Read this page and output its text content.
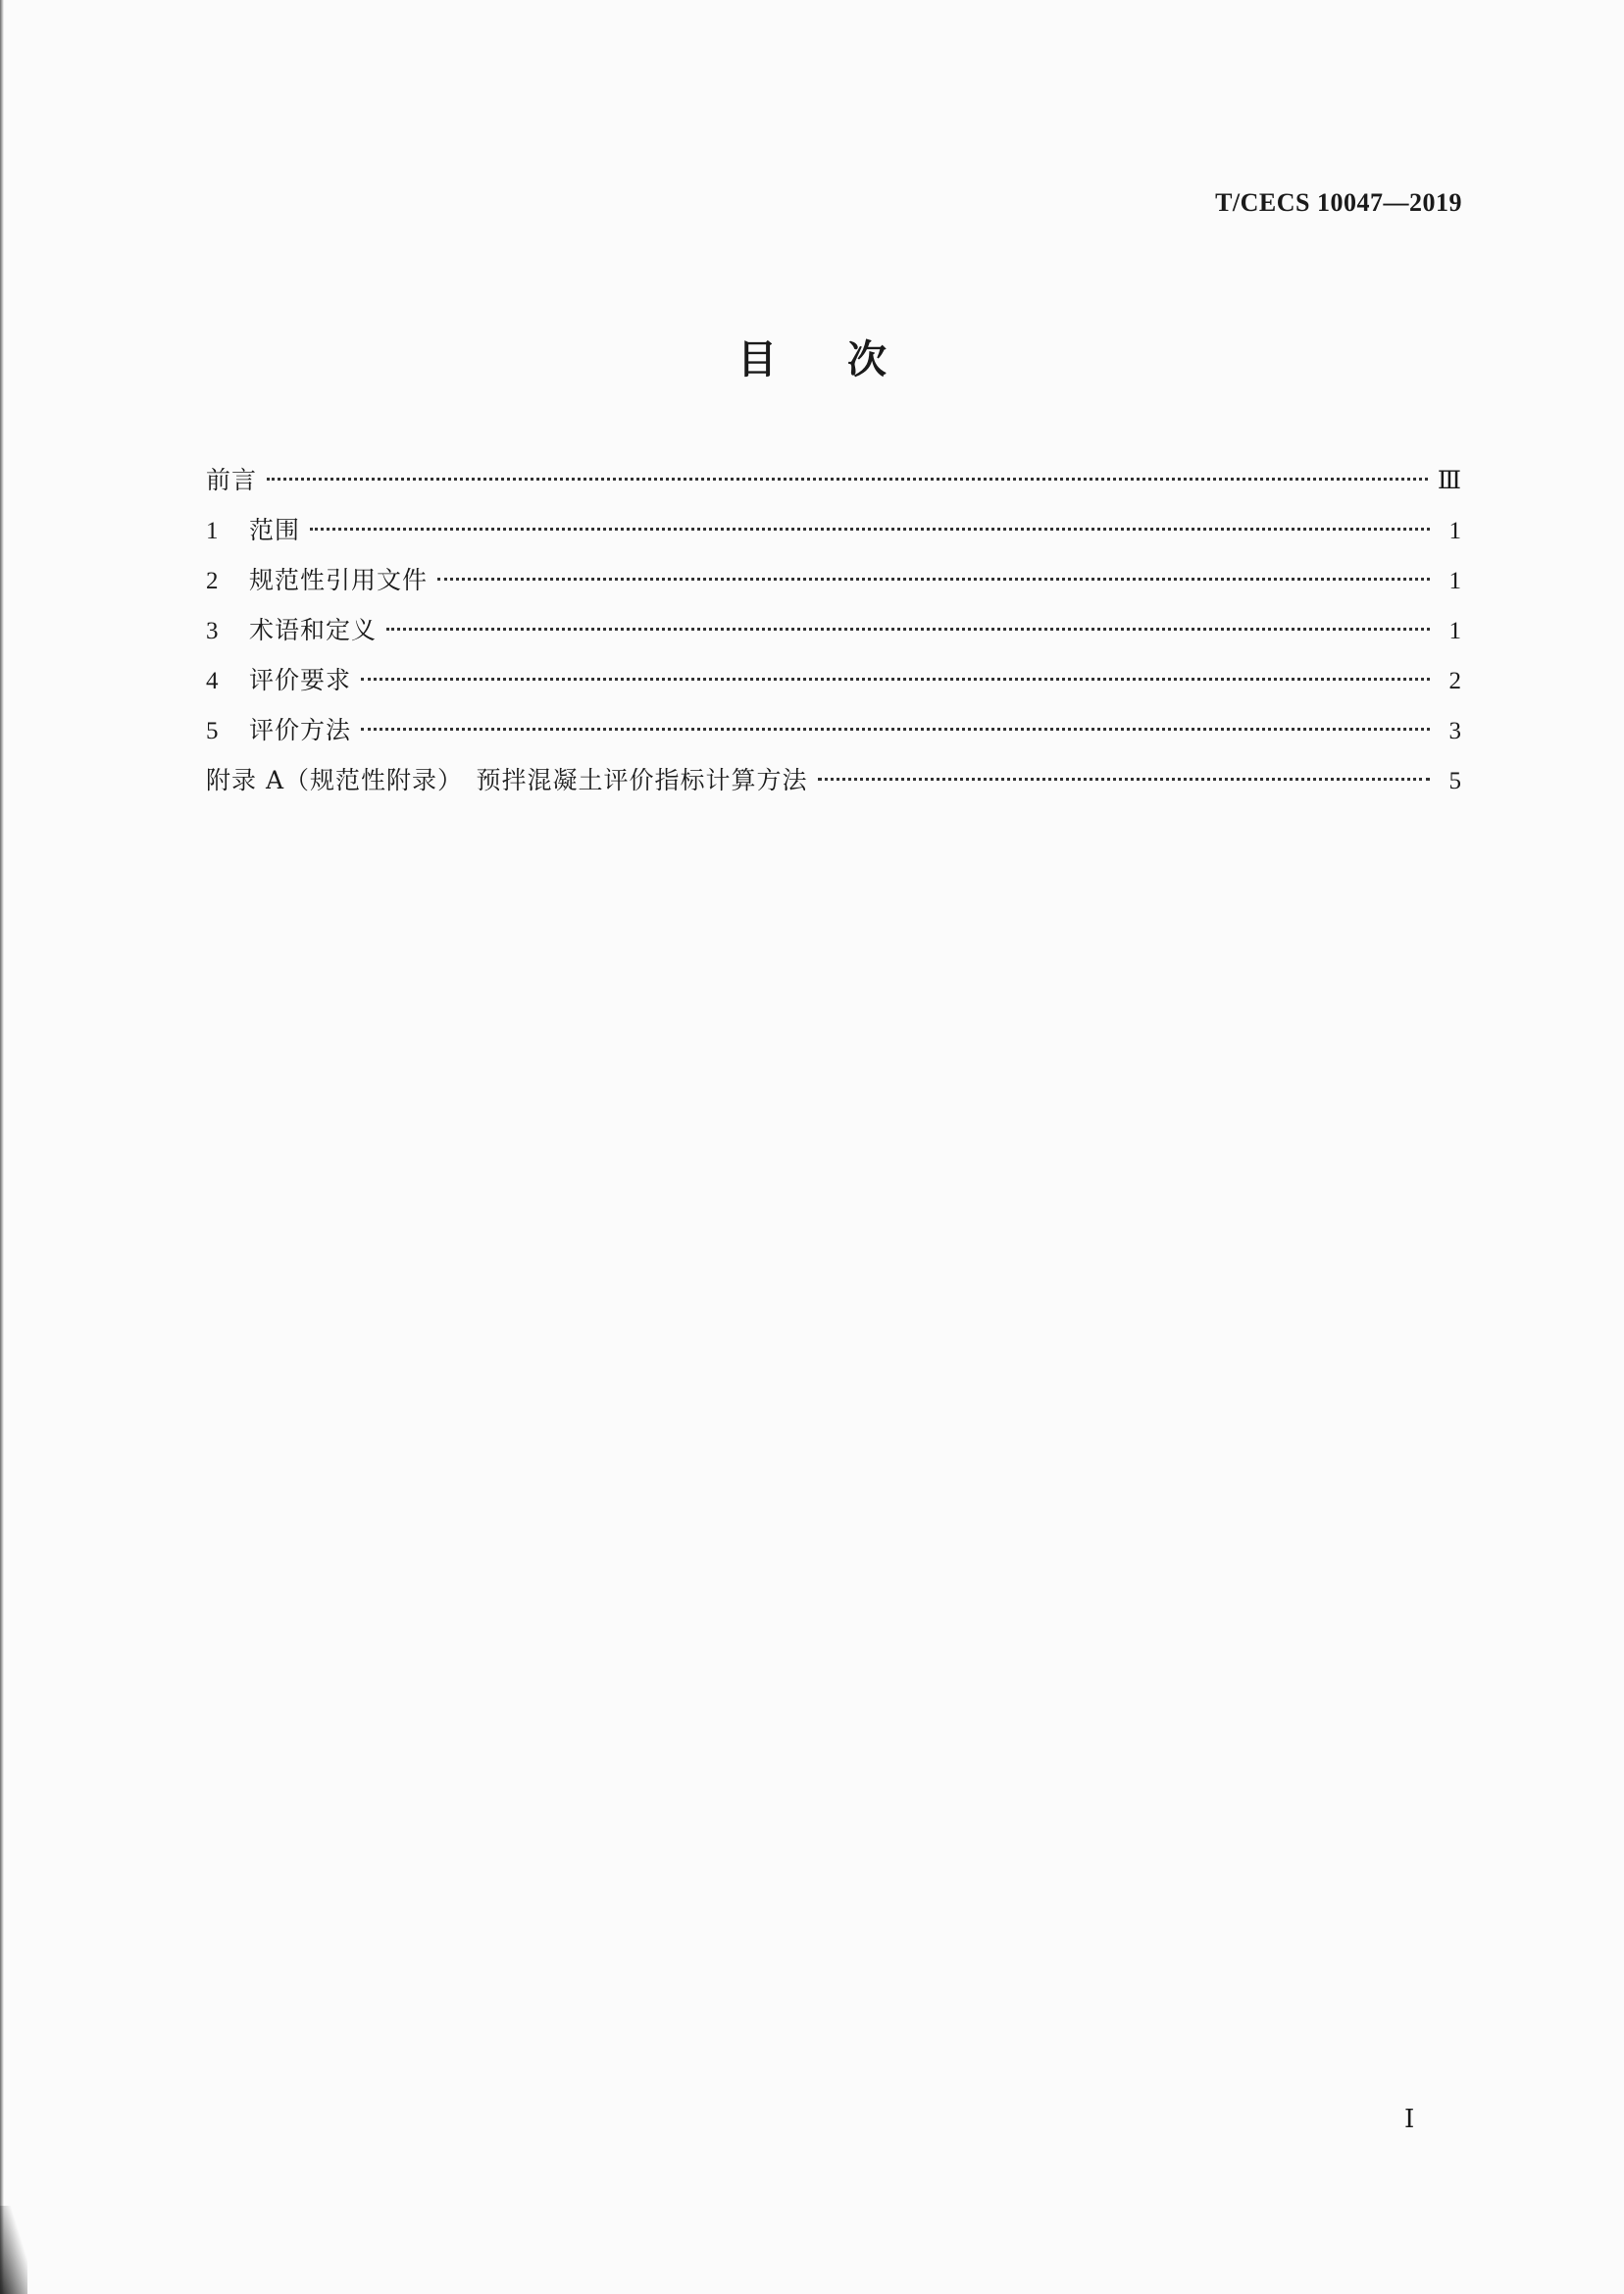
T/CECS 10047—2019
目 次
前言	Ⅲ
1	范围	1
2	规范性引用文件	1
3	术语和定义	1
4	评价要求	2
5	评价方法	3
附录 A（规范性附录）　预拌混凝土评价指标计算方法	5
Ⅰ
